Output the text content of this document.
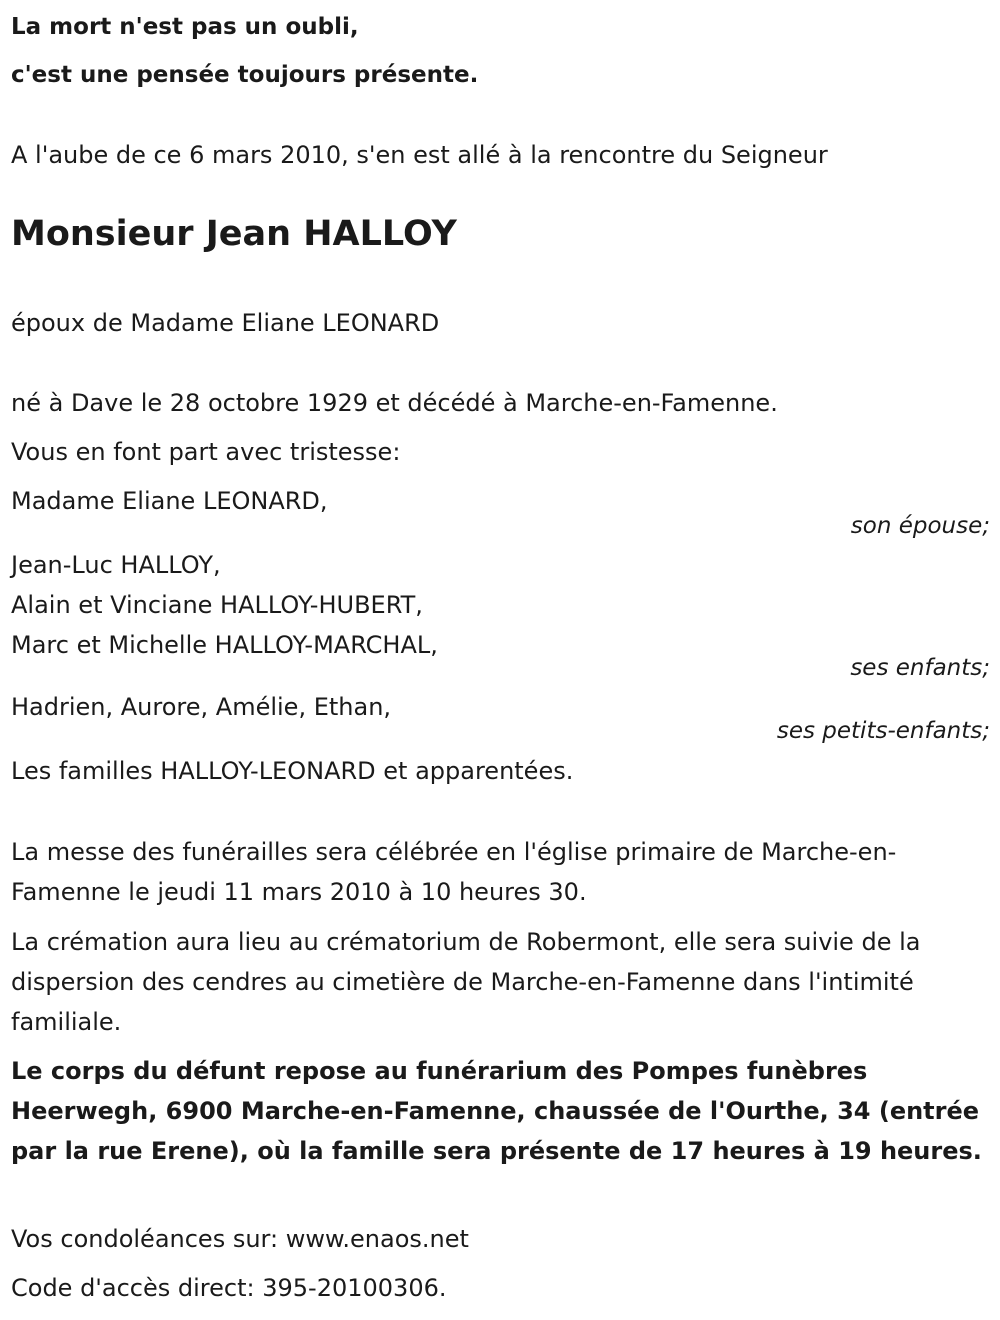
La mort n'est pas un oubli,

c'est une pensée toujours présente.

A l'aube de ce 6 mars 2010, s'en est allé à la rencontre du Seigneur

Monsieur Jean HALLOY

époux de Madame Eliane LEONARD

né à Dave le 28 octobre 1929 et décédé à Marche-en-Famenne.

Vous en font part avec tristesse:

Madame Eliane LEONARD,

son épouse;

Jean-Luc HALLOY,

Alain et Vinciane HALLOY-HUBERT,

Marc et Michelle HALLOY-MARCHAL,

ses enfants;

Hadrien, Aurore, Amélie, Ethan,

ses petits-enfants;

Les familles HALLOY-LEONARD et apparentées.

La messe des funérailles sera célébrée en l'église primaire de Marche-en-Famenne le jeudi 11 mars 2010 à 10 heures 30.

La crémation aura lieu au crématorium de Robermont, elle sera suivie de la dispersion des cendres au cimetière de Marche-en-Famenne dans l'intimité familiale.

Le corps du défunt repose au funérarium des Pompes funèbres Heerwegh, 6900 Marche-en-Famenne, chaussée de l'Ourthe, 34 (entrée par la rue Erene), où la famille sera présente de 17 heures à 19 heures.

Vos condoléances sur: www.enaos.net

Code d'accès direct: 395-20100306.
